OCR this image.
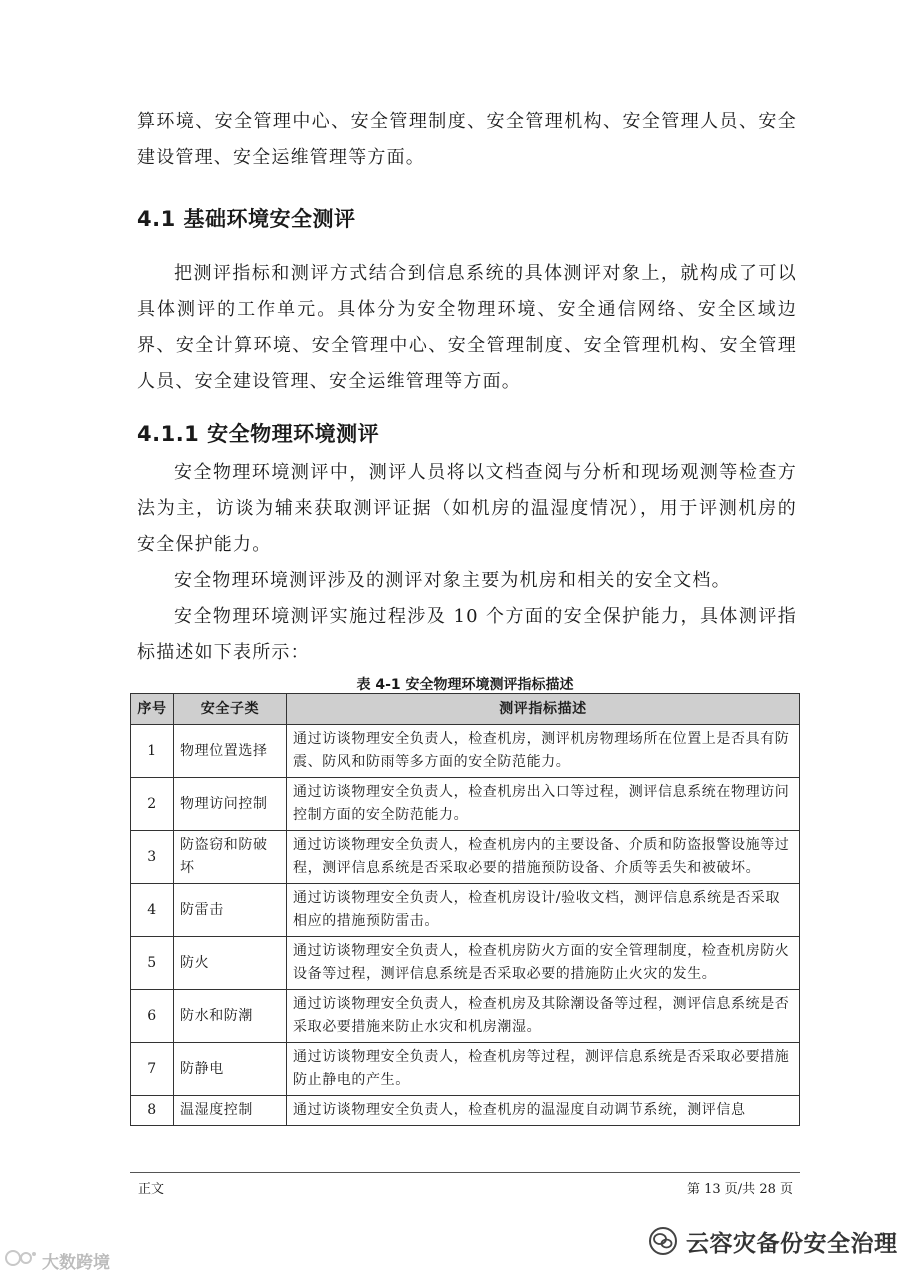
算环境、安全管理中心、安全管理制度、安全管理机构、安全管理人员、安全建设管理、安全运维管理等方面。

4.1 基础环境安全测评

把测评指标和测评方式结合到信息系统的具体测评对象上，就构成了可以具体测评的工作单元。具体分为安全物理环境、安全通信网络、安全区域边界、安全计算环境、安全管理中心、安全管理制度、安全管理机构、安全管理人员、安全建设管理、安全运维管理等方面。

4.1.1 安全物理环境测评

安全物理环境测评中，测评人员将以文档查阅与分析和现场观测等检查方法为主，访谈为辅来获取测评证据（如机房的温湿度情况），用于评测机房的安全保护能力。

安全物理环境测评涉及的测评对象主要为机房和相关的安全文档。

安全物理环境测评实施过程涉及 10 个方面的安全保护能力，具体测评指标描述如下表所示：

表 4-1 安全物理环境测评指标描述
序号	安全子类	测评指标描述
1	物理位置选择	通过访谈物理安全负责人，检查机房，测评机房物理场所在位置上是否具有防震、防风和防雨等多方面的安全防范能力。
2	物理访问控制	通过访谈物理安全负责人，检查机房出入口等过程，测评信息系统在物理访问控制方面的安全防范能力。
3	防盗窃和防破坏	通过访谈物理安全负责人，检查机房内的主要设备、介质和防盗报警设施等过程，测评信息系统是否采取必要的措施预防设备、介质等丢失和被破坏。
4	防雷击	通过访谈物理安全负责人，检查机房设计/验收文档，测评信息系统是否采取相应的措施预防雷击。
5	防火	通过访谈物理安全负责人，检查机房防火方面的安全管理制度，检查机房防火设备等过程，测评信息系统是否采取必要的措施防止火灾的发生。
6	防水和防潮	通过访谈物理安全负责人，检查机房及其除潮设备等过程，测评信息系统是否采取必要措施来防止水灾和机房潮湿。
7	防静电	通过访谈物理安全负责人，检查机房等过程，测评信息系统是否采取必要措施防止静电的产生。
8	温湿度控制	通过访谈物理安全负责人，检查机房的温湿度自动调节系统，测评信息
正文	第 13 页/共 28 页
云容灾备份安全治理
大数跨境
